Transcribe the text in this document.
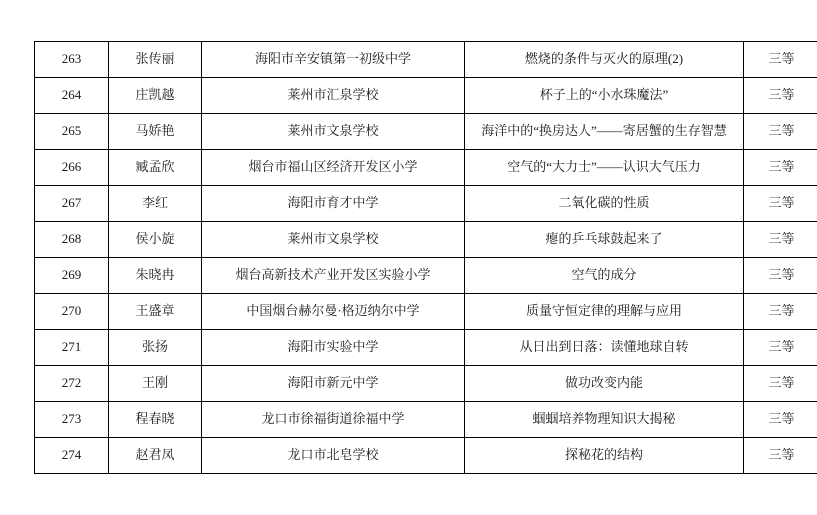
263	张传丽	海阳市辛安镇第一初级中学	燃烧的条件与灭火的原理(2)	三等
264	庄凯越	莱州市汇泉学校	杯子上的“小水珠魔法”	三等
265	马娇艳	莱州市文泉学校	海洋中的“换房达人”——寄居蟹的生存智慧	三等
266	臧孟欣	烟台市福山区经济开发区小学	空气的“大力士”——认识大气压力	三等
267	李红	海阳市育才中学	二氧化碳的性质	三等
268	侯小旋	莱州市文泉学校	瘪的乒乓球鼓起来了	三等
269	朱晓冉	烟台高新技术产业开发区实验小学	空气的成分	三等
270	王盛章	中国烟台赫尔曼·格迈纳尔中学	质量守恒定律的理解与应用	三等
271	张扬	海阳市实验中学	从日出到日落：读懂地球自转	三等
272	王刚	海阳市新元中学	做功改变内能	三等
273	程春晓	龙口市徐福街道徐福中学	蝈蝈培养物理知识大揭秘	三等
274	赵君凤	龙口市北皂学校	探秘花的结构	三等
